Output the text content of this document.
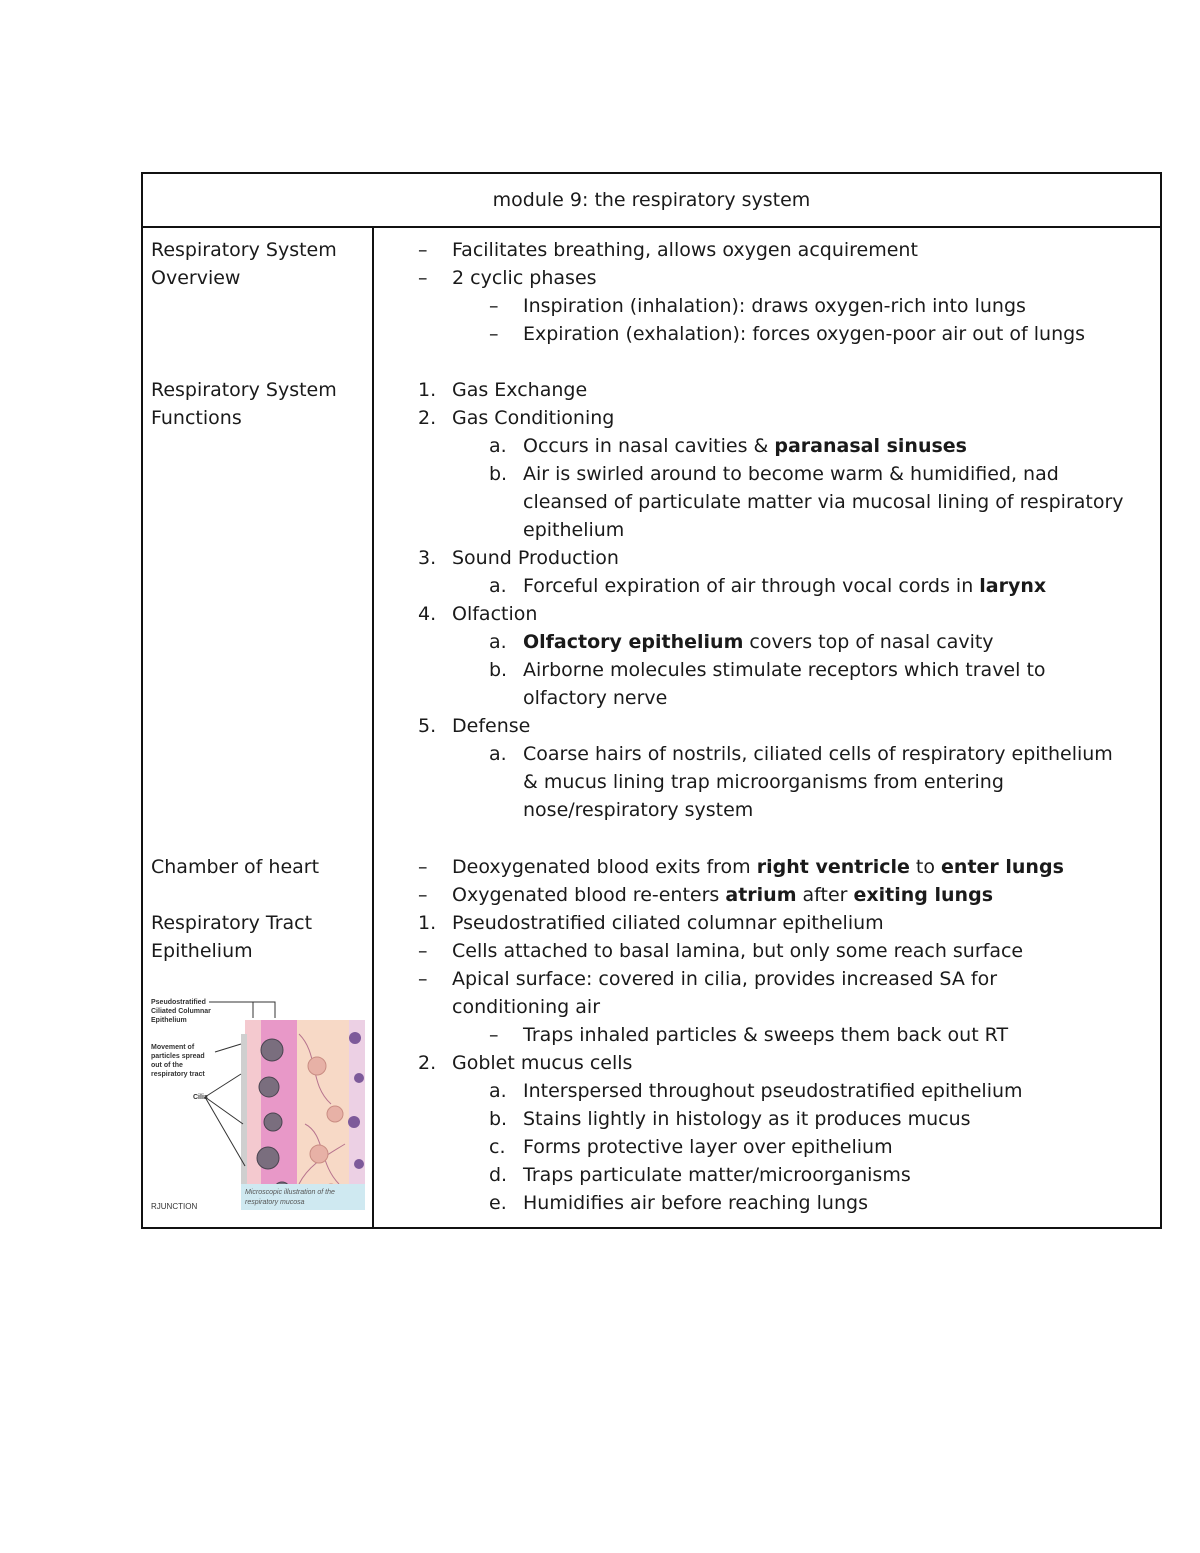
module 9: the respiratory system
Respiratory System Overview
Respiratory System Functions
Chamber of heart
Respiratory Tract Epithelium
Pseudostratified
Ciliated Columnar
Epithelium
Movement of
particles spread
out of the
respiratory tract
Cilia
Microscopic illustration of the
respiratory mucosa
RJUNCTION
– Facilitates breathing, allows oxygen acquirement
– 2 cyclic phases
– Inspiration (inhalation): draws oxygen-rich into lungs
– Expiration (exhalation): forces oxygen-poor air out of lungs
1. Gas Exchange
2. Gas Conditioning
a. Occurs in nasal cavities & paranasal sinuses
b. Air is swirled around to become warm & humidified, nad
cleansed of particulate matter via mucosal lining of respiratory
epithelium
3. Sound Production
a. Forceful expiration of air through vocal cords in larynx
4. Olfaction
a. Olfactory epithelium covers top of nasal cavity
b. Airborne molecules stimulate receptors which travel to
olfactory nerve
5. Defense
a. Coarse hairs of nostrils, ciliated cells of respiratory epithelium
& mucus lining trap microorganisms from entering
nose/respiratory system
– Deoxygenated blood exits from right ventricle to enter lungs
– Oxygenated blood re-enters atrium after exiting lungs
1. Pseudostratified ciliated columnar epithelium
– Cells attached to basal lamina, but only some reach surface
– Apical surface: covered in cilia, provides increased SA for
conditioning air
– Traps inhaled particles & sweeps them back out RT
2. Goblet mucus cells
a. Interspersed throughout pseudostratified epithelium
b. Stains lightly in histology as it produces mucus
c. Forms protective layer over epithelium
d. Traps particulate matter/microorganisms
e. Humidifies air before reaching lungs
